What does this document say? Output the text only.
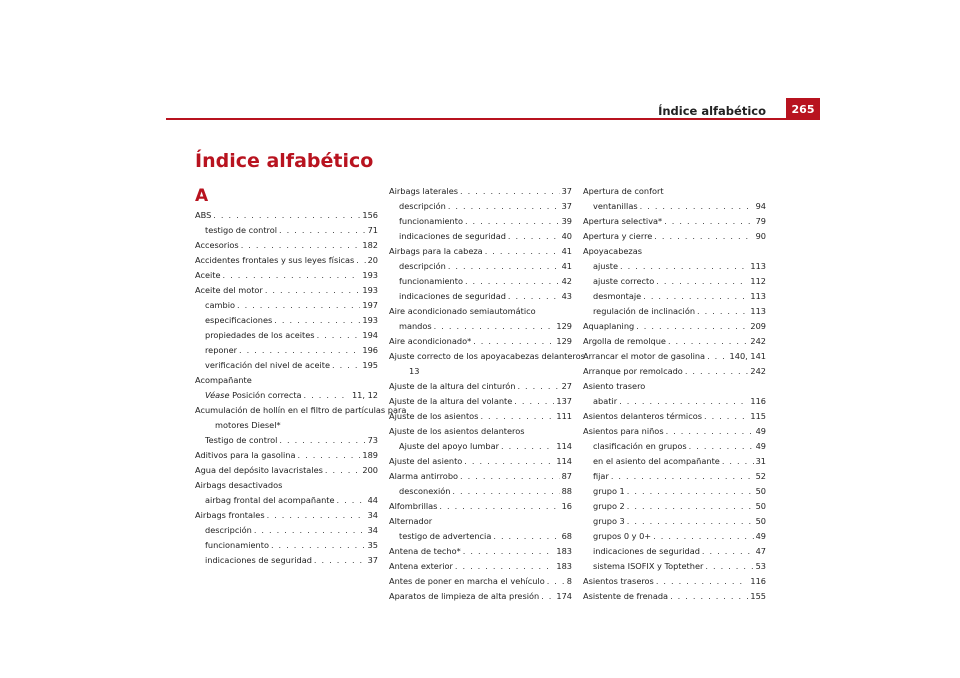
Índice alfabético	265
Índice alfabético
A
ABS . . .	156
testigo de control . . .	71
Accesorios . . .	182
Accidentes frontales y sus leyes físicas . . . 20
Aceite . . .	193
Aceite del motor . . .	193
cambio . . .	197
especificaciones . . .	193
propiedades de los aceites . . .	194
reponer . . .	196
verificación del nivel de aceite . . .	195
Acompañante
Véase Posición correcta . . .	11, 12
Acumulación de hollín en el filtro de partículas para
motores Diesel*
Testigo de control . . .	73
Aditivos para la gasolina . . .	189
Agua del depósito lavacristales . . .	200
Airbags desactivados
airbag frontal del acompañante . . .	44
Airbags frontales . . .	34
descripción . . .	34
funcionamiento . . .	35
indicaciones de seguridad . . .	37
Airbags laterales . . .	37
descripción . . .	37
funcionamiento . . .	39
indicaciones de seguridad . . .	40
Airbags para la cabeza . . .	41
descripción . . .	41
funcionamiento . . .	42
indicaciones de seguridad . . .	43
Aire acondicionado semiautomático
mandos . . .	129
Aire acondicionado* . . .	129
Ajuste correcto de los apoyacabezas delanteros
13
Ajuste de la altura del cinturón . . .	27
Ajuste de la altura del volante . . .	137
Ajuste de los asientos . . .	111
Ajuste de los asientos delanteros
Ajuste del apoyo lumbar . . .	114
Ajuste del asiento . . .	114
Alarma antirrobo . . .	87
desconexión . . .	88
Alfombrillas . . .	16
Alternador
testigo de advertencia . . .	68
Antena de techo* . . .	183
Antena exterior . . .	183
Antes de poner en marcha el vehículo . . .	8
Aparatos de limpieza de alta presión . . . 174
Apertura de confort
ventanillas . . .	94
Apertura selectiva* . . .	79
Apertura y cierre . . .	90
Apoyacabezas
ajuste . . .	113
ajuste correcto . . .	112
desmontaje . . .	113
regulación de inclinación . . .	113
Aquaplaning . . .	209
Argolla de remolque . . .	242
Arrancar el motor de gasolina . . .	140, 141
Arranque por remolcado . . .	242
Asiento trasero
abatir . . .	116
Asientos delanteros térmicos . . .	115
Asientos para niños . . .	49
clasificación en grupos . . .	49
en el asiento del acompañante . . .	31
fijar . . .	52
grupo 1 . . .	50
grupo 2 . . .	50
grupo 3 . . .	50
grupos 0 y 0+ . . .	49
indicaciones de seguridad . . .	47
sistema ISOFIX y Toptether . . .	53
Asientos traseros . . .	116
Asistente de frenada . . .	155
